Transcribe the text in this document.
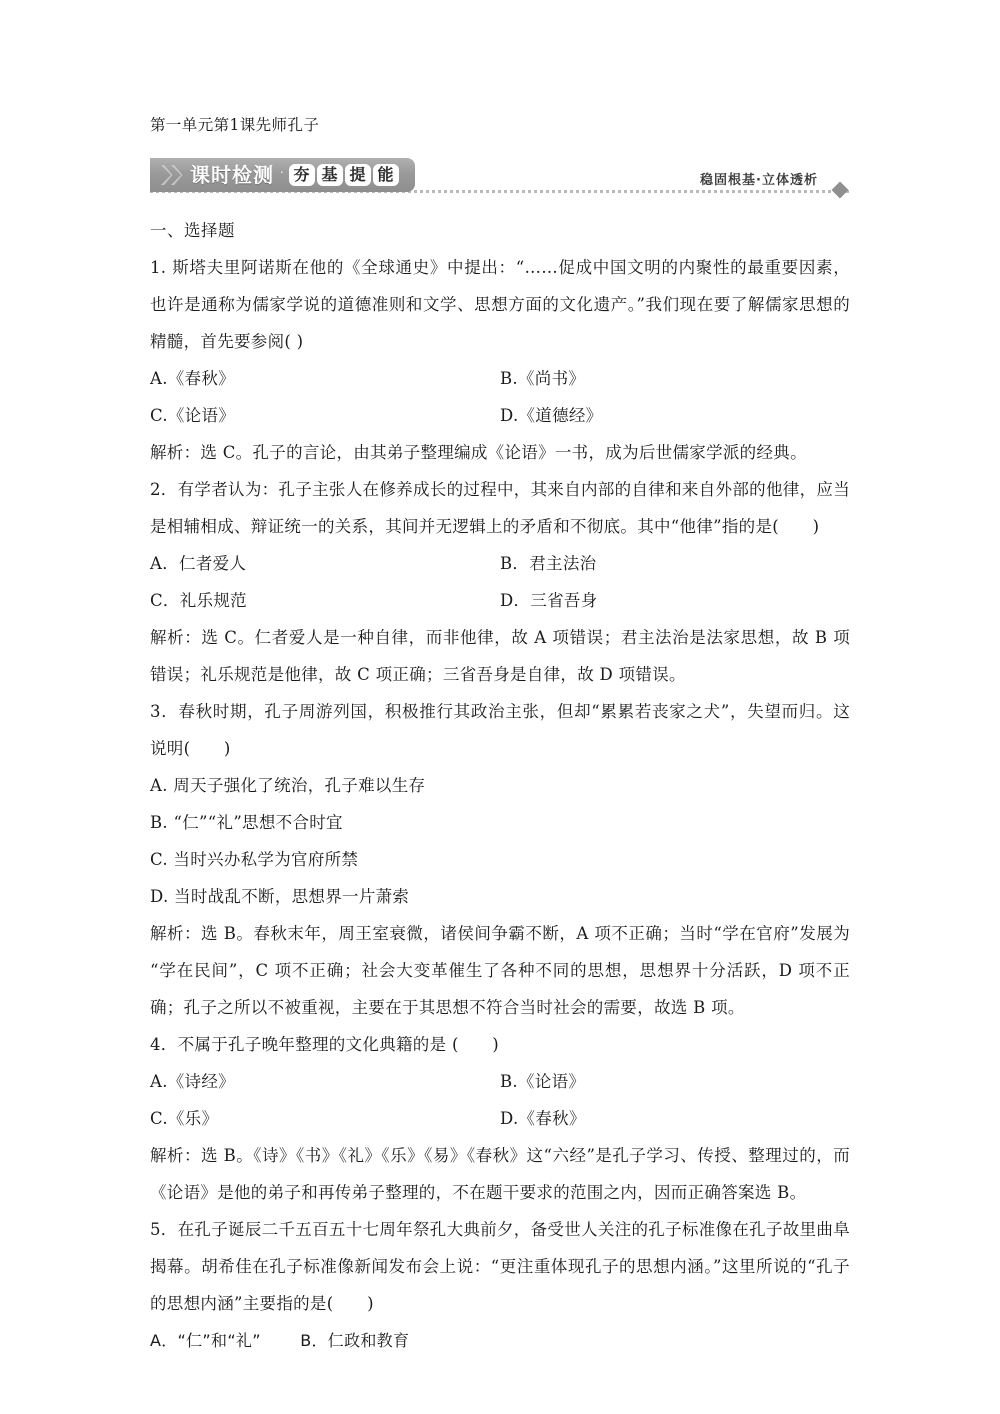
第一单元第1课先师孔子

课时检测 · 夯 基 提 能	稳固根基·立体透析

一、选择题

1. 斯塔夫里阿诺斯在他的《全球通史》中提出：“……促成中国文明的内聚性的最重要因素，也许是通称为儒家学说的道德准则和文学、思想方面的文化遗产。”我们现在要了解儒家思想的精髓，首先要参阅( )

A.《春秋》	B.《尚书》
C.《论语》	D.《道德经》

解析：选 C。孔子的言论，由其弟子整理编成《论语》一书，成为后世儒家学派的经典。

2．有学者认为：孔子主张人在修养成长的过程中，其来自内部的自律和来自外部的他律，应当是相辅相成、辩证统一的关系，其间并无逻辑上的矛盾和不彻底。其中“他律”指的是(　　)

A．仁者爱人	B．君主法治
C．礼乐规范	D．三省吾身

解析：选 C。仁者爱人是一种自律，而非他律，故 A 项错误；君主法治是法家思想，故 B 项错误；礼乐规范是他律，故 C 项正确；三省吾身是自律，故 D 项错误。

3．春秋时期，孔子周游列国，积极推行其政治主张，但却“累累若丧家之犬”，失望而归。这说明(　　)

A. 周天子强化了统治，孔子难以生存
B. “仁”“礼”思想不合时宜
C. 当时兴办私学为官府所禁
D. 当时战乱不断，思想界一片萧索

解析：选 B。春秋末年，周王室衰微，诸侯间争霸不断，A 项不正确；当时“学在官府”发展为“学在民间”，C 项不正确；社会大变革催生了各种不同的思想，思想界十分活跃，D 项不正确；孔子之所以不被重视，主要在于其思想不符合当时社会的需要，故选 B 项。

4．不属于孔子晚年整理的文化典籍的是 (　　)

A.《诗经》	B.《论语》
C.《乐》	D.《春秋》

解析：选 B。《诗》《书》《礼》《乐》《易》《春秋》这“六经”是孔子学习、传授、整理过的，而《论语》是他的弟子和再传弟子整理的，不在题干要求的范围之内，因而正确答案选 B。

5．在孔子诞辰二千五百五十七周年祭孔大典前夕，备受世人关注的孔子标准像在孔子故里曲阜揭幕。胡希佳在孔子标准像新闻发布会上说：“更注重体现孔子的思想内涵。”这里所说的“孔子的思想内涵”主要指的是(　　)

A．“仁”和“礼” B．仁政和教育
